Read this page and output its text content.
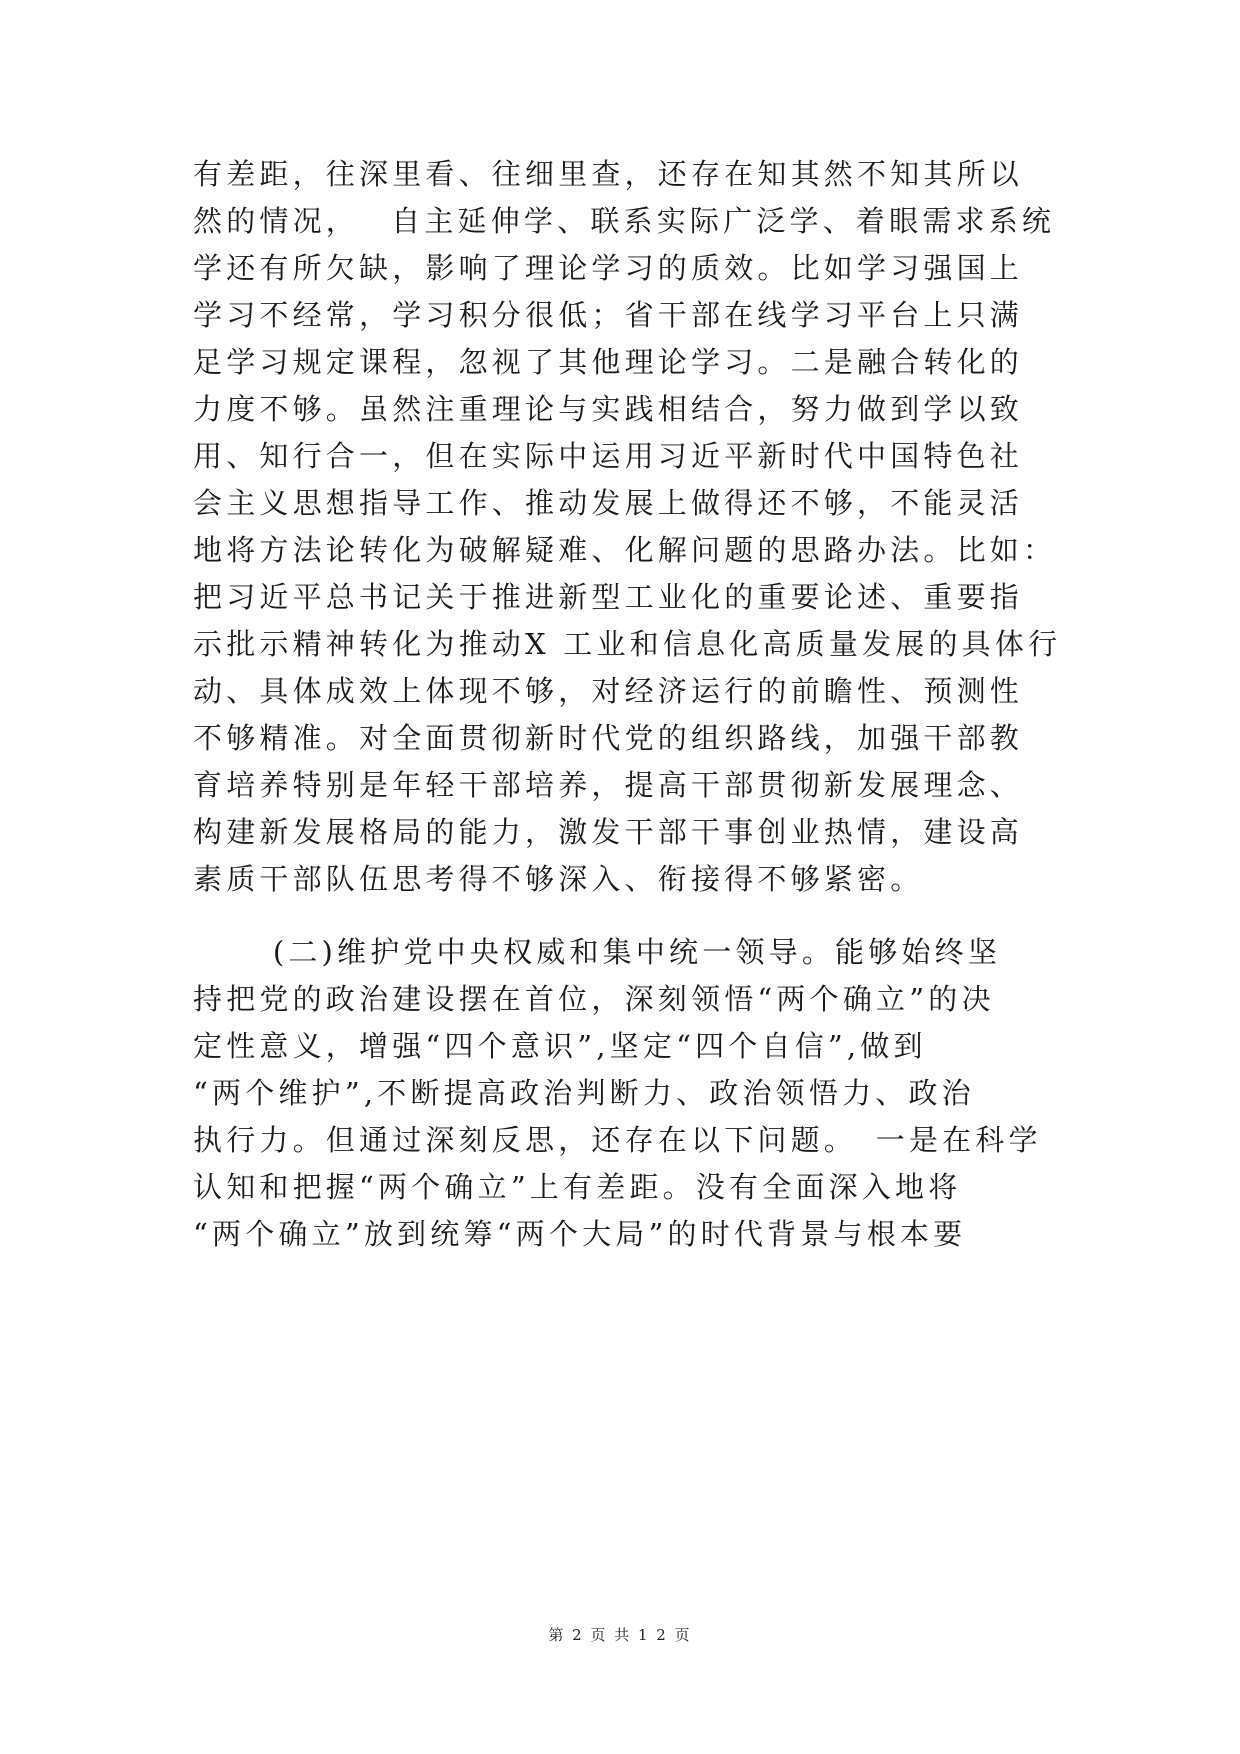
有差距，往深里看、往细里查，还存在知其然不知其所以
然的情况，　 自主延伸学、联系实际广泛学、着眼需求系统
学还有所欠缺，影响了理论学习的质效。比如学习强国上
学习不经常，学习积分很低；省干部在线学习平台上只满
足学习规定课程，忽视了其他理论学习。二是融合转化的
力度不够。虽然注重理论与实践相结合，努力做到学以致
用、知行合一，但在实际中运用习近平新时代中国特色社
会主义思想指导工作、推动发展上做得还不够，不能灵活
地将方法论转化为破解疑难、化解问题的思路办法。比如：
把习近平总书记关于推进新型工业化的重要论述、重要指
示批示精神转化为推动X 工业和信息化高质量发展的具体行
动、具体成效上体现不够，对经济运行的前瞻性、预测性
不够精准。对全面贯彻新时代党的组织路线，加强干部教
育培养特别是年轻干部培养，提高干部贯彻新发展理念、
构建新发展格局的能力，激发干部干事创业热情，建设高
素质干部队伍思考得不够深入、衔接得不够紧密。
　　 (二)维护党中央权威和集中统一领导。能够始终坚
持把党的政治建设摆在首位，深刻领悟“两个确立”的决
定性意义，增强“四个意识”,坚定“四个自信”,做到
“两个维护”,不断提高政治判断力、政治领悟力、政治
执行力。但通过深刻反思，还存在以下问题。　一是在科学
认知和把握“两个确立”上有差距。没有全面深入地将
“两个确立”放到统筹“两个大局”的时代背景与根本要
第 2 页 共 1 2 页
